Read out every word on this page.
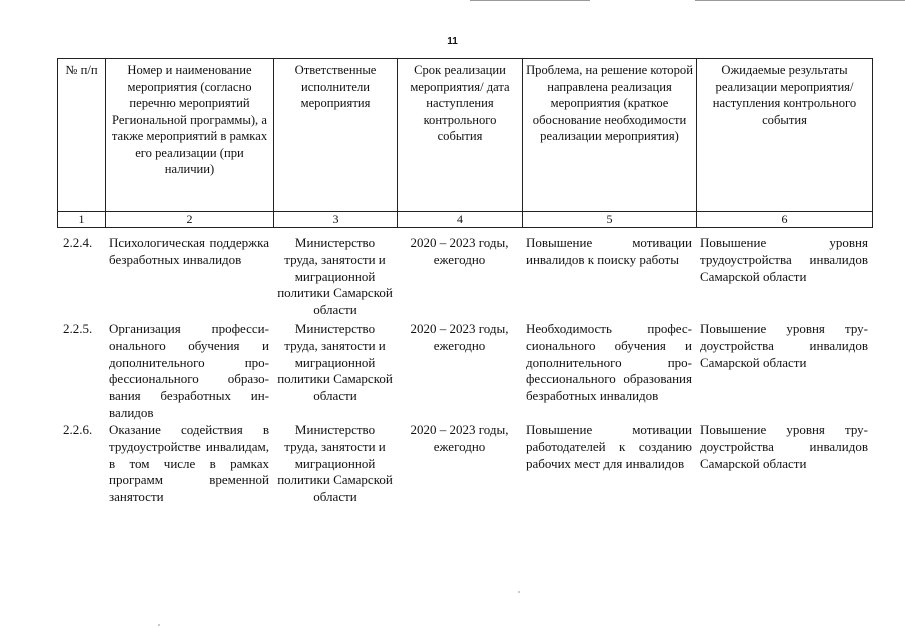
11
№ п/п	Номер и наименование мероприятия (согласно перечню мероприятий Региональной программы), а также мероприятий в рамках его реализации (при наличии)	Ответственные исполнители мероприятия	Срок реализации мероприятия/ дата наступления контрольного события	Проблема, на решение которой направлена реализация мероприятия (краткое обоснование необходимости реализации мероприятия)	Ожидаемые результаты реализации мероприятия/ наступления контрольного события
1	2	3	4	5	6
2.2.4.	Психологическая поддержка безработных инвалидов	Министерство труда, занятости и миграционной политики Самарской области	2020 – 2023 годы, ежегодно	Повышение мотивации инвалидов к поиску работы	Повышение уровня трудоустройства инвалидов Самарской области
2.2.5.	Организация профессионального обучения и дополнительного профессионального образования безработных инвалидов	Министерство труда, занятости и миграционной политики Самарской области	2020 – 2023 годы, ежегодно	Необходимость профессионального обучения и дополнительного профессионального образования безработных инвалидов	Повышение уровня трудоустройства инвалидов Самарской области
2.2.6.	Оказание содействия в трудоустройстве инвалидам, в том числе в рамках программ временной занятости	Министерство труда, занятости и миграционной политики Самарской области	2020 – 2023 годы, ежегодно	Повышение мотивации работодателей к созданию рабочих мест для инвалидов	Повышение уровня трудоустройства инвалидов Самарской области
